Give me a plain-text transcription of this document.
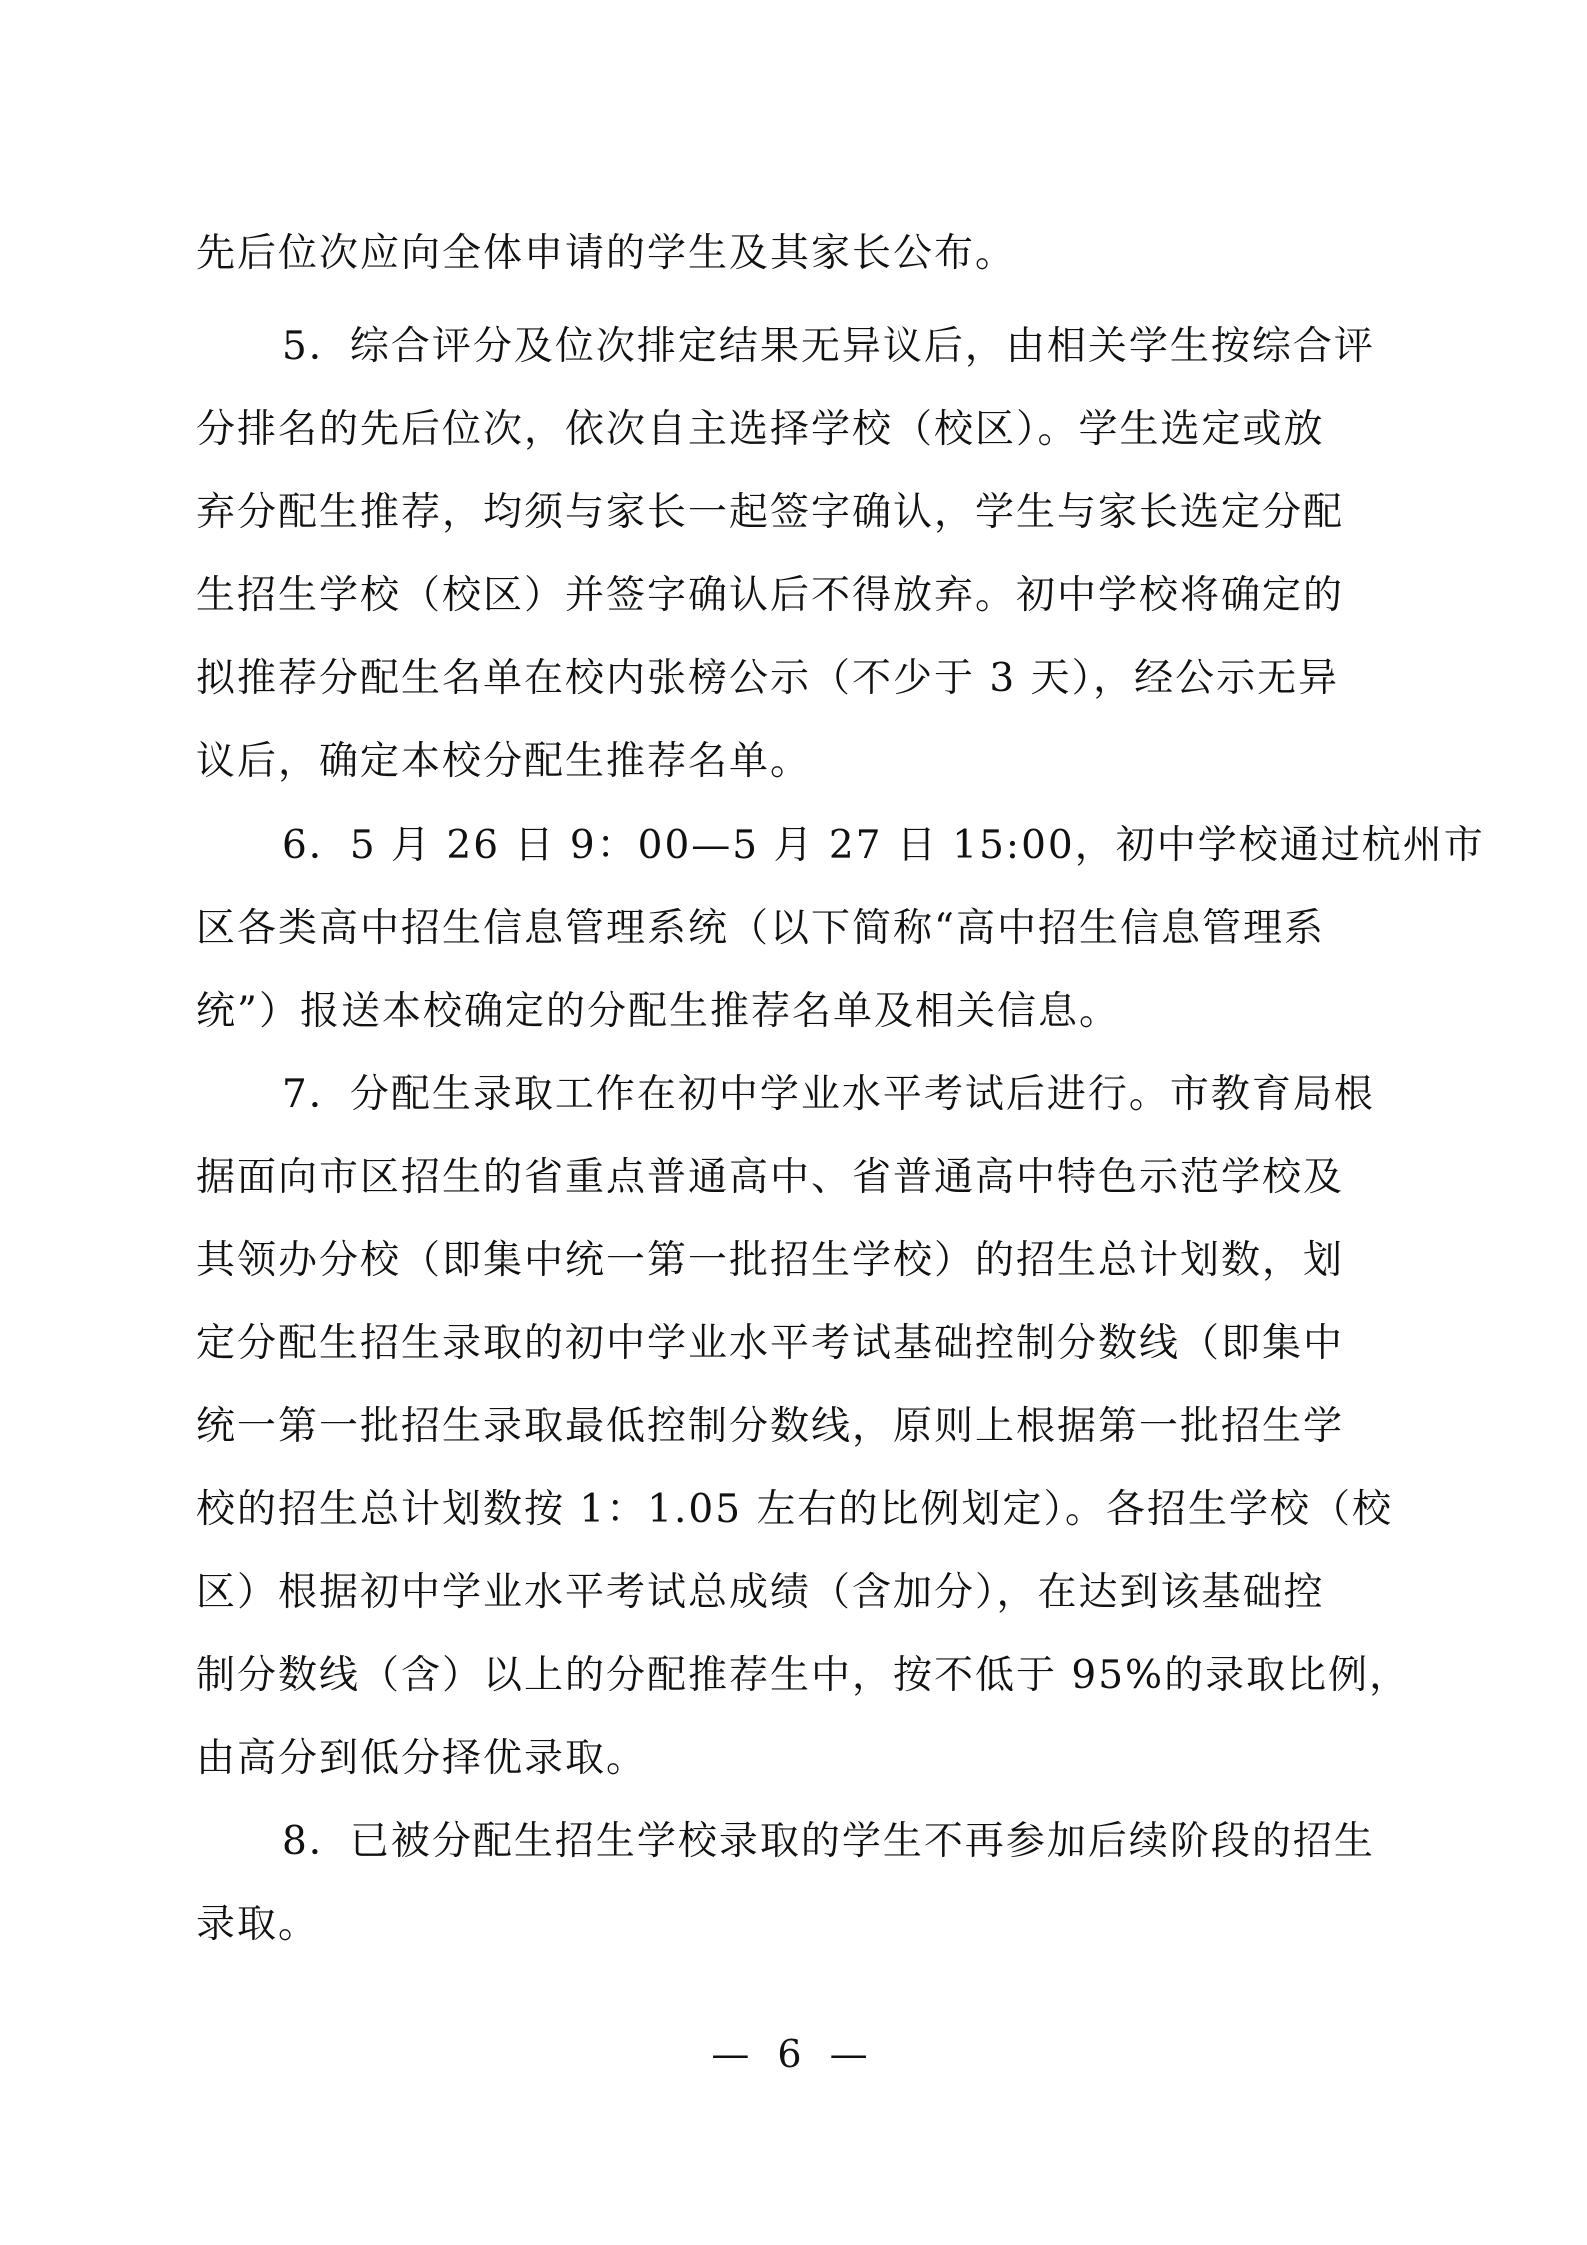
先后位次应向全体申请的学生及其家长公布。
5．综合评分及位次排定结果无异议后，由相关学生按综合评
分排名的先后位次，依次自主选择学校（校区）。学生选定或放
弃分配生推荐，均须与家长一起签字确认，学生与家长选定分配
生招生学校（校区）并签字确认后不得放弃。初中学校将确定的
拟推荐分配生名单在校内张榜公示（不少于 3 天），经公示无异
议后，确定本校分配生推荐名单。
6．5 月 26 日 9：00—5 月 27 日 15:00，初中学校通过杭州市
区各类高中招生信息管理系统（以下简称“高中招生信息管理系
统”）报送本校确定的分配生推荐名单及相关信息。
7．分配生录取工作在初中学业水平考试后进行。市教育局根
据面向市区招生的省重点普通高中、省普通高中特色示范学校及
其领办分校（即集中统一第一批招生学校）的招生总计划数，划
定分配生招生录取的初中学业水平考试基础控制分数线（即集中
统一第一批招生录取最低控制分数线，原则上根据第一批招生学
校的招生总计划数按 1：1.05 左右的比例划定）。各招生学校（校
区）根据初中学业水平考试总成绩（含加分），在达到该基础控
制分数线（含）以上的分配推荐生中，按不低于 95%的录取比例，
由高分到低分择优录取。
8．已被分配生招生学校录取的学生不再参加后续阶段的招生
录取。
— 6 —
